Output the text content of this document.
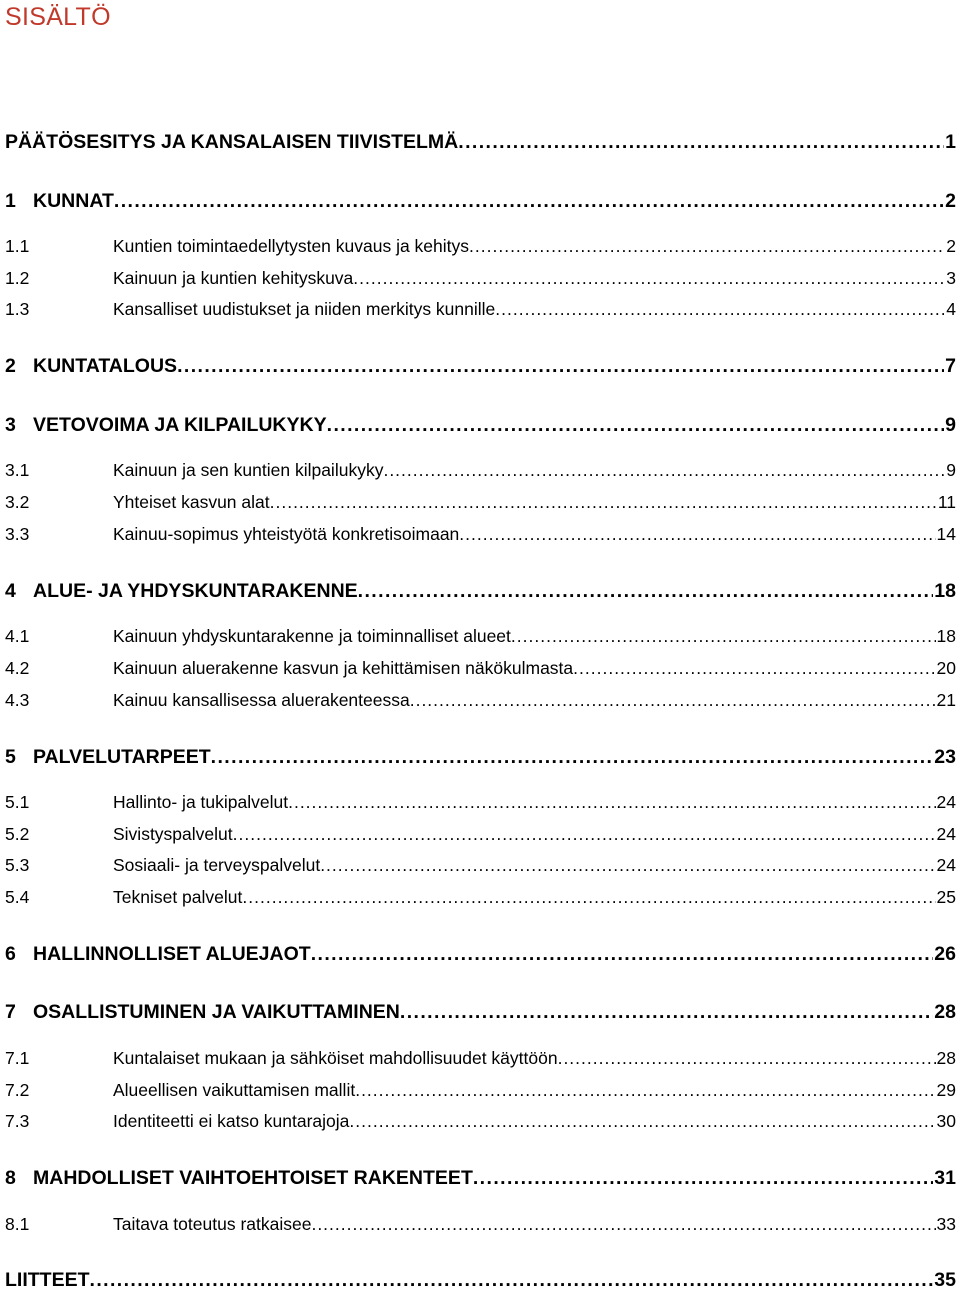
SISÄLTÖ
PÄÄTÖSESITYS JA KANSALAISEN TIIVISTELMÄ .....	1
1 KUNNAT .....	2
1.1	Kuntien toimintaedellytysten kuvaus ja kehitys .....	2
1.2	Kainuun ja kuntien kehityskuva .....	3
1.3	Kansalliset uudistukset ja niiden merkitys kunnille .....	4
2 KUNTATALOUS .....	7
3 VETOVOIMA JA KILPAILUKYKY .....	9
3.1	Kainuun ja sen kuntien kilpailukyky .....	9
3.2	Yhteiset kasvun alat .....	11
3.3	Kainuu-sopimus yhteistyötä konkretisoimaan .....	14
4 ALUE- JA YHDYSKUNTARAKENNE .....	18
4.1	Kainuun yhdyskuntarakenne ja toiminnalliset alueet .....	18
4.2	Kainuun aluerakenne kasvun ja kehittämisen näkökulmasta .....	20
4.3	Kainuu kansallisessa aluerakenteessa .....	21
5 PALVELUTARPEET .....	23
5.1	Hallinto- ja tukipalvelut .....	24
5.2	Sivistyspalvelut .....	24
5.3	Sosiaali- ja terveyspalvelut .....	24
5.4	Tekniset palvelut .....	25
6 HALLINNOLLISET ALUEJAOT .....	26
7 OSALLISTUMINEN JA VAIKUTTAMINEN .....	28
7.1	Kuntalaiset mukaan ja sähköiset mahdollisuudet käyttöön .....	28
7.2	Alueellisen vaikuttamisen mallit .....	29
7.3	Identiteetti ei katso kuntarajoja .....	30
8 MAHDOLLISET VAIHTOEHTOISET RAKENTEET .....	31
8.1	Taitava toteutus ratkaisee .....	33
LIITTEET .....	35
